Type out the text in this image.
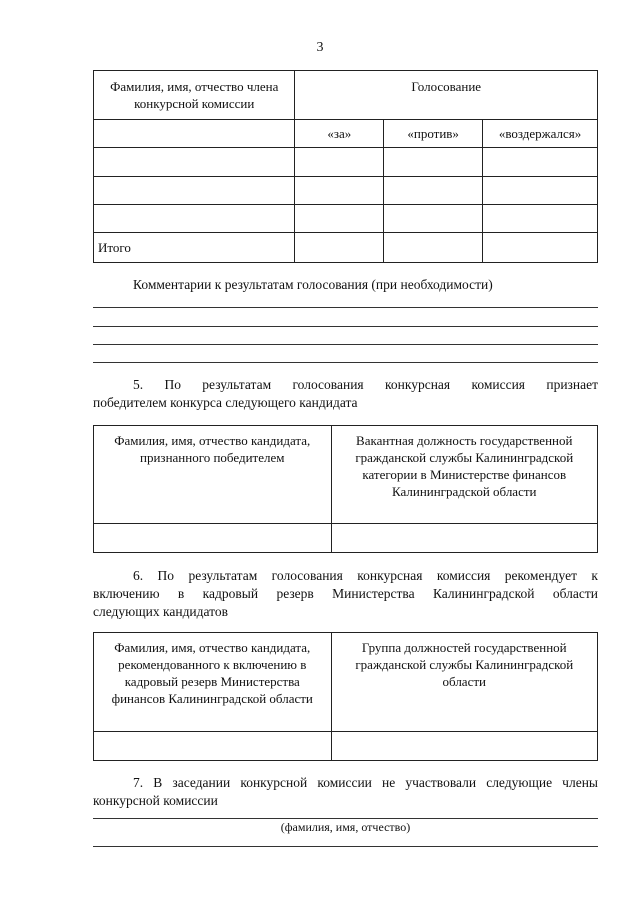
3
Фамилия, имя, отчество члена конкурсной комиссии	Голосование		
	«за»	«против»	«воздержался»

Итого			
Комментарии к результатам голосования (при необходимости)
5. По результатам голосования конкурсная комиссия признает
победителем конкурса следующего кандидата
Фамилия, имя, отчество кандидата, признанного победителем	Вакантная должность государственной гражданской службы Калининградской категории в Министерстве финансов Калининградской области

6. По результатам голосования конкурсная комиссия рекомендует к
включению в кадровый резерв Министерства Калининградской области
следующих кандидатов
Фамилия, имя, отчество кандидата, рекомендованного к включению в кадровый резерв Министерства финансов Калининградской области	Группа должностей государственной гражданской службы Калининградской области

7. В заседании конкурсной комиссии не участвовали следующие члены
конкурсной комиссии
(фамилия, имя, отчество)
